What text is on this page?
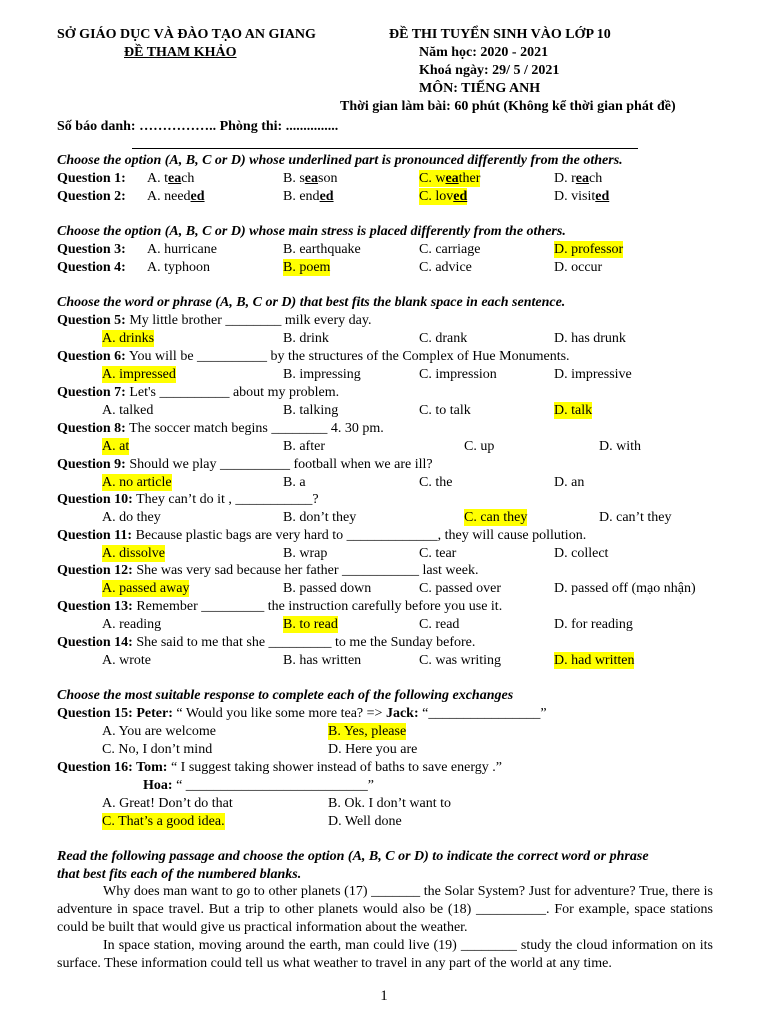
SỞ GIÁO DỤC VÀ ĐÀO TẠO AN GIANG
ĐỀ THAM KHẢO
ĐỀ THI TUYỂN SINH VÀO LỚP 10
Năm học: 2020 - 2021
Khoá ngày: 29/ 5 / 2021
MÔN: TIẾNG ANH
Thời gian làm bài: 60 phút (Không kể thời gian phát đề)
Số báo danh: …………….. Phòng thi: ...............
Choose the option (A, B, C or D) whose underlined part is pronounced differently from the others.
Question 1: A. teach	B. season	C. weather	D. reach
Question 2: A. needed	B. ended	C. loved	D. visited
Choose the option (A, B, C or D) whose main stress is placed differently from the others.
Question 3: A. hurricane	B. earthquake	C. carriage	D. professor
Question 4: A. typhoon	B. poem	C. advice	D. occur
Choose the word or phrase (A, B, C or D) that best fits the blank space in each sentence.
Question 5: My little brother ________ milk every day.
A. drinks	B. drink	C. drank	D. has drunk
Question 6: You will be __________ by the structures of the Complex of Hue Monuments.
A. impressed	B. impressing	C. impression	D. impressive
Question 7: Let's __________ about my problem.
A. talked	B. talking	C. to talk	D. talk
Question 8: The soccer match begins ________ 4. 30 pm.
A. at	B. after	C. up	D. with
Question 9: Should we play __________ football when we are ill?
A. no article	B. a	C. the	D. an
Question 10: They can’t do it , ___________?
A. do they	B. don’t they	C. can they	D. can’t they
Question 11: Because plastic bags are very hard to _____________, they will cause pollution.
A. dissolve	B. wrap	C. tear	D. collect
Question 12: She was very sad because her father ___________ last week.
A. passed away	B. passed down	C. passed over	D. passed off (mạo nhận)
Question 13: Remember _________ the instruction carefully before you use it.
A. reading	B. to read	C. read	D. for reading
Question 14: She said to me that she _________ to me the Sunday before.
A. wrote	B. has written	C. was writing	D. had written
Choose the most suitable response to complete each of the following exchanges
Question 15: Peter: “ Would you like some more tea? => Jack: “________________”
A. You are welcome	B. Yes, please
C. No, I don’t mind	D. Here you are
Question 16: Tom: “ I suggest taking shower instead of baths to save energy .”
Hoa: “ __________________________”
A. Great! Don’t do that	B. Ok. I don’t want to
C. That’s a good idea.	D. Well done
Read the following passage and choose the option (A, B, C or D) to indicate the correct word or phrase
that best fits each of the numbered blanks.

Why does man want to go to other planets (17) _______ the Solar System? Just for adventure? True, there is adventure in space travel. But a trip to other planets would also be (18) __________. For example, space stations could be built that would give us practical information about the weather.

In space station, moving around the earth, man could live (19) ________ study the cloud information on its surface. These information could tell us what weather to travel in any part of the world at any time.

1
